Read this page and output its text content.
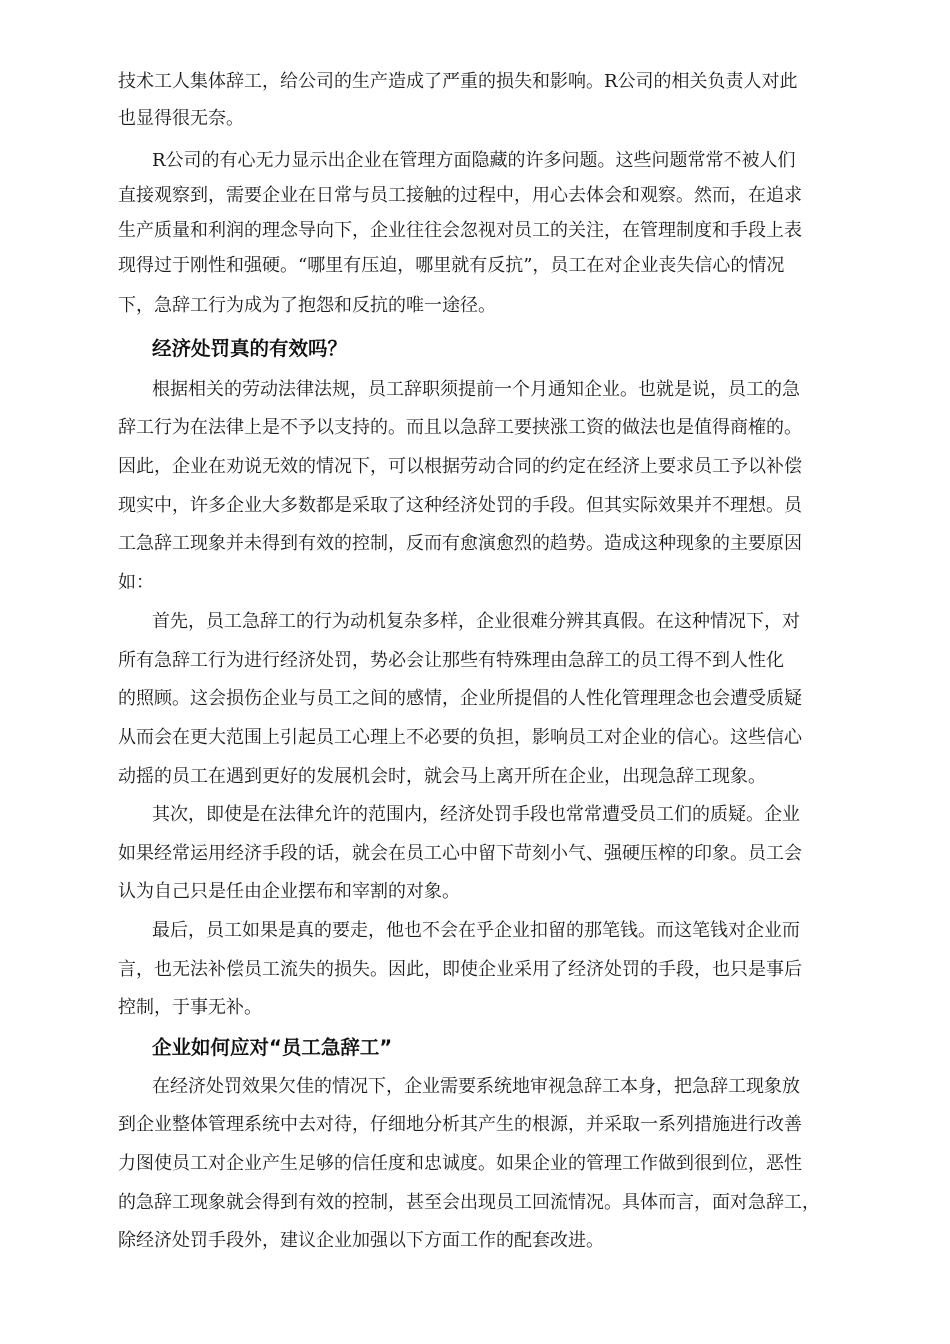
技术工人集体辞工，给公司的生产造成了严重的损失和影响。R公司的相关负责人对此
也显得很无奈。
R公司的有心无力显示出企业在管理方面隐藏的许多问题。这些问题常常不被人们
直接观察到，需要企业在日常与员工接触的过程中，用心去体会和观察。然而，在追求
生产质量和利润的理念导向下，企业往往会忽视对员工的关注，在管理制度和手段上表
现得过于刚性和强硬。“哪里有压迫，哪里就有反抗”，员工在对企业丧失信心的情况
下，急辞工行为成为了抱怨和反抗的唯一途径。
经济处罚真的有效吗？
根据相关的劳动法律法规，员工辞职须提前一个月通知企业。也就是说，员工的急
辞工行为在法律上是不予以支持的。而且以急辞工要挟涨工资的做法也是值得商榷的。
因此，企业在劝说无效的情况下，可以根据劳动合同的约定在经济上要求员工予以补偿
现实中，许多企业大多数都是采取了这种经济处罚的手段。但其实际效果并不理想。员
工急辞工现象并未得到有效的控制，反而有愈演愈烈的趋势。造成这种现象的主要原因
如：
首先，员工急辞工的行为动机复杂多样，企业很难分辨其真假。在这种情况下，对
所有急辞工行为进行经济处罚，势必会让那些有特殊理由急辞工的员工得不到人性化
的照顾。这会损伤企业与员工之间的感情，企业所提倡的人性化管理理念也会遭受质疑
从而会在更大范围上引起员工心理上不必要的负担，影响员工对企业的信心。这些信心
动摇的员工在遇到更好的发展机会时，就会马上离开所在企业，出现急辞工现象。
其次，即使是在法律允许的范围内，经济处罚手段也常常遭受员工们的质疑。企业
如果经常运用经济手段的话，就会在员工心中留下苛刻小气、强硬压榨的印象。员工会
认为自己只是任由企业摆布和宰割的对象。
最后，员工如果是真的要走，他也不会在乎企业扣留的那笔钱。而这笔钱对企业而
言，也无法补偿员工流失的损失。因此，即使企业采用了经济处罚的手段，也只是事后
控制，于事无补。
企业如何应对“员工急辞工”
在经济处罚效果欠佳的情况下，企业需要系统地审视急辞工本身，把急辞工现象放
到企业整体管理系统中去对待，仔细地分析其产生的根源，并采取一系列措施进行改善
力图使员工对企业产生足够的信任度和忠诚度。如果企业的管理工作做到很到位，恶性
的急辞工现象就会得到有效的控制，甚至会出现员工回流情况。具体而言，面对急辞工，
除经济处罚手段外，建议企业加强以下方面工作的配套改进。
